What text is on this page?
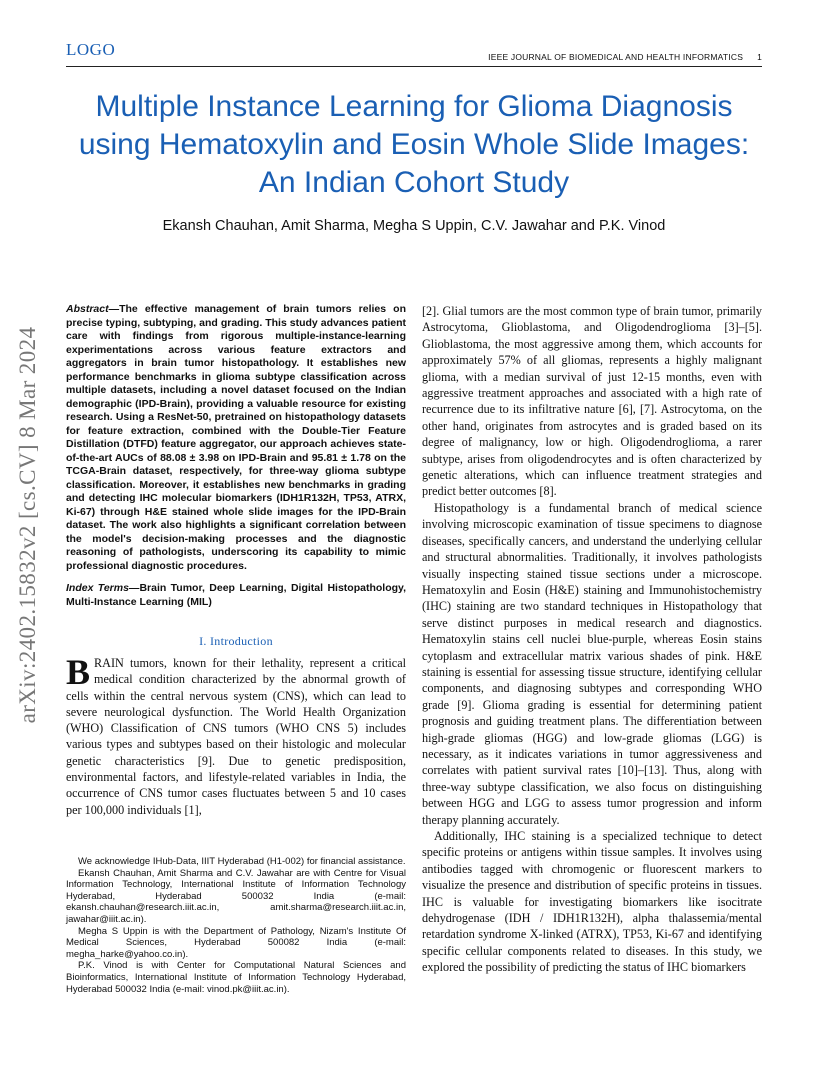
LOGO	IEEE JOURNAL OF BIOMEDICAL AND HEALTH INFORMATICS 1
Multiple Instance Learning for Glioma Diagnosis using Hematoxylin and Eosin Whole Slide Images: An Indian Cohort Study
Ekansh Chauhan, Amit Sharma, Megha S Uppin, C.V. Jawahar and P.K. Vinod
arXiv:2402.15832v2 [cs.CV] 8 Mar 2024

Abstract—The effective management of brain tumors relies on precise typing, subtyping, and grading. This study advances patient care with findings from rigorous multiple-instance-learning experimentations across various feature extractors and aggregators in brain tumor histopathology. It establishes new performance benchmarks in glioma subtype classification across multiple datasets, including a novel dataset focused on the Indian demographic (IPD-Brain), providing a valuable resource for existing research. Using a ResNet-50, pretrained on histopathology datasets for feature extraction, combined with the Double-Tier Feature Distillation (DTFD) feature aggregator, our approach achieves state-of-the-art AUCs of 88.08 ± 3.98 on IPD-Brain and 95.81 ± 1.78 on the TCGA-Brain dataset, respectively, for three-way glioma subtype classification. Moreover, it establishes new benchmarks in grading and detecting IHC molecular biomarkers (IDH1R132H, TP53, ATRX, Ki-67) through H&E stained whole slide images for the IPD-Brain dataset. The work also highlights a significant correlation between the model's decision-making processes and the diagnostic reasoning of pathologists, underscoring its capability to mimic professional diagnostic procedures.

Index Terms—Brain Tumor, Deep Learning, Digital Histopathology, Multi-Instance Learning (MIL)

I. Introduction

BRAIN tumors, known for their lethality, represent a critical medical condition characterized by the abnormal growth of cells within the central nervous system (CNS), which can lead to severe neurological dysfunction. The World Health Organization (WHO) Classification of CNS tumors (WHO CNS 5) includes various types and subtypes based on their histologic and molecular genetic characteristics [9]. Due to genetic predisposition, environmental factors, and lifestyle-related variables in India, the occurrence of CNS tumor cases fluctuates between 5 and 10 cases per 100,000 individuals [1],

We acknowledge IHub-Data, IIIT Hyderabad (H1-002) for financial assistance.

Ekansh Chauhan, Amit Sharma and C.V. Jawahar are with Centre for Visual Information Technology, International Institute of Information Technology Hyderabad, Hyderabad 500032 India (e-mail: ekansh.chauhan@research.iiit.ac.in, amit.sharma@research.iiit.ac.in, jawahar@iiit.ac.in).

Megha S Uppin is with the Department of Pathology, Nizam's Institute Of Medical Sciences, Hyderabad 500082 India (e-mail: megha_harke@yahoo.co.in).

P.K. Vinod is with Center for Computational Natural Sciences and Bioinformatics, International Institute of Information Technology Hyderabad, Hyderabad 500032 India (e-mail: vinod.pk@iiit.ac.in).

[2]. Glial tumors are the most common type of brain tumor, primarily Astrocytoma, Glioblastoma, and Oligodendroglioma [3]–[5]. Glioblastoma, the most aggressive among them, which accounts for approximately 57% of all gliomas, represents a highly malignant glioma, with a median survival of just 12-15 months, even with aggressive treatment approaches and associated with a high rate of recurrence due to its infiltrative nature [6], [7]. Astrocytoma, on the other hand, originates from astrocytes and is graded based on its degree of malignancy, low or high. Oligodendroglioma, a rarer subtype, arises from oligodendrocytes and is often characterized by genetic alterations, which can influence treatment strategies and predict better outcomes [8].

Histopathology is a fundamental branch of medical science involving microscopic examination of tissue specimens to diagnose diseases, specifically cancers, and understand the underlying cellular and structural abnormalities. Traditionally, it involves pathologists visually inspecting stained tissue sections under a microscope. Hematoxylin and Eosin (H&E) staining and Immunohistochemistry (IHC) staining are two standard techniques in Histopathology that serve distinct purposes in medical research and diagnostics. Hematoxylin stains cell nuclei blue-purple, whereas Eosin stains cytoplasm and extracellular matrix various shades of pink. H&E staining is essential for assessing tissue structure, identifying cellular components, and diagnosing subtypes and corresponding WHO grade [9]. Glioma grading is essential for determining patient prognosis and guiding treatment plans. The differentiation between high-grade gliomas (HGG) and low-grade gliomas (LGG) is necessary, as it indicates variations in tumor aggressiveness and correlates with patient survival rates [10]–[13]. Thus, along with three-way subtype classification, we also focus on distinguishing between HGG and LGG to assess tumor progression and inform therapy planning accurately.

Additionally, IHC staining is a specialized technique to detect specific proteins or antigens within tissue samples. It involves using antibodies tagged with chromogenic or fluorescent markers to visualize the presence and distribution of specific proteins in tissues. IHC is valuable for investigating biomarkers like isocitrate dehydrogenase (IDH / IDH1R132H), alpha thalassemia/mental retardation syndrome X-linked (ATRX), TP53, Ki-67 and identifying specific cellular components related to diseases. In this study, we explored the possibility of predicting the status of IHC biomarkers
